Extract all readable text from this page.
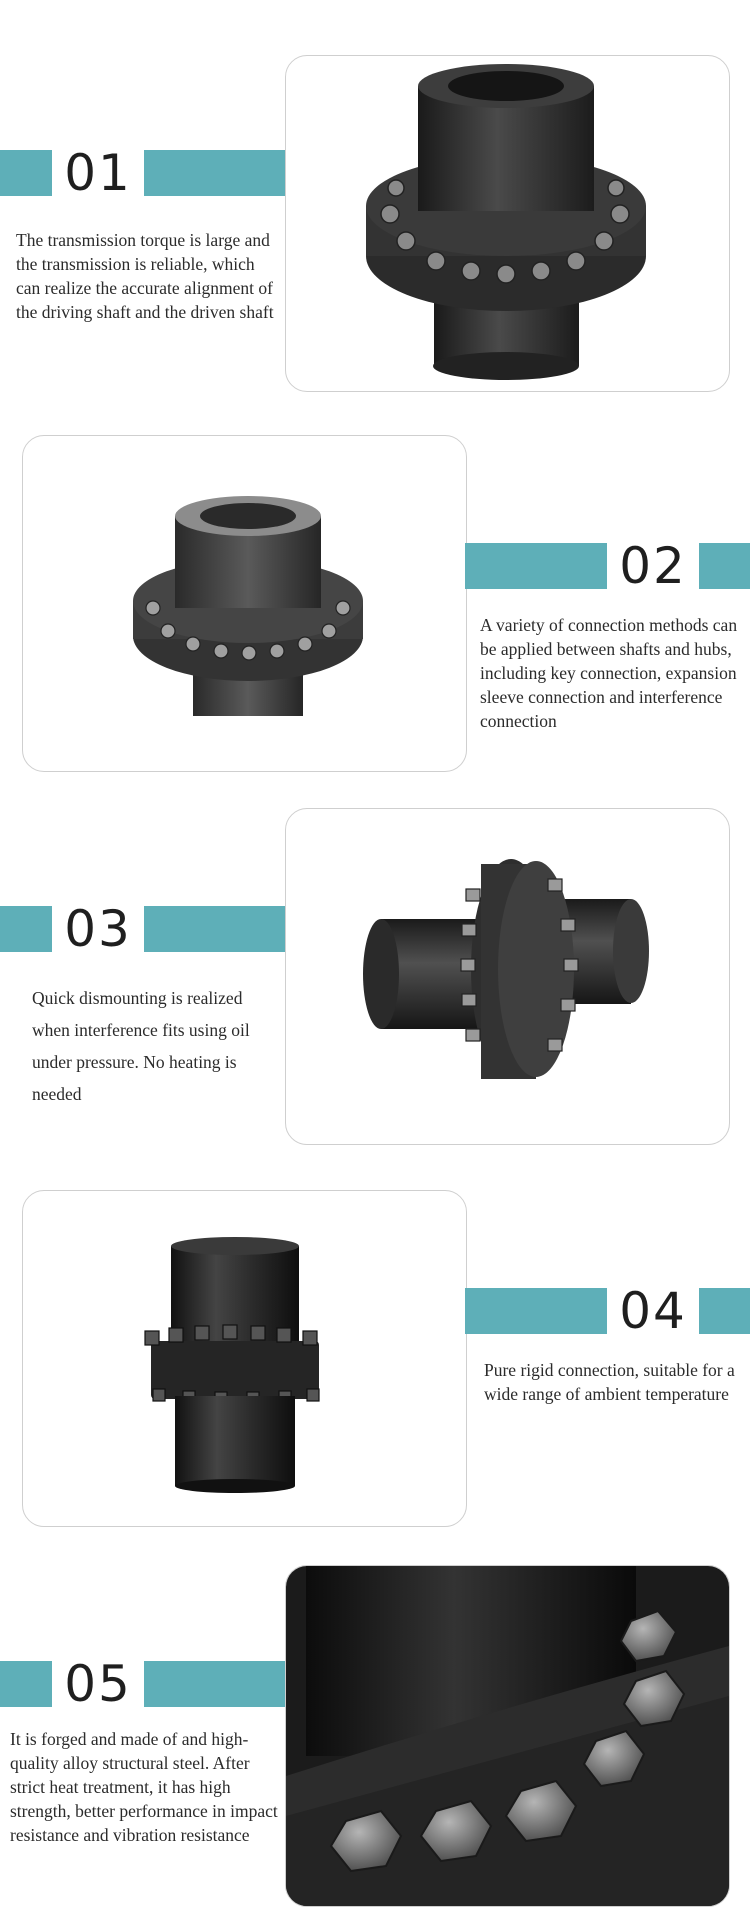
01
The transmission torque is large and the transmission is reliable, which can realize the accurate alignment of the driving shaft and the driven shaft
02
A variety of connection methods can be applied between shafts and hubs, including key connection, expansion sleeve connection and interference connection
03
Quick dismounting is realized when interference fits using oil under pressure. No heating is needed
04
Pure rigid connection, suitable for a wide range of ambient temperature
05
It is forged and made of and high-quality alloy structural steel. After strict heat treatment, it has high strength, better performance in impact resistance and vibration resistance
